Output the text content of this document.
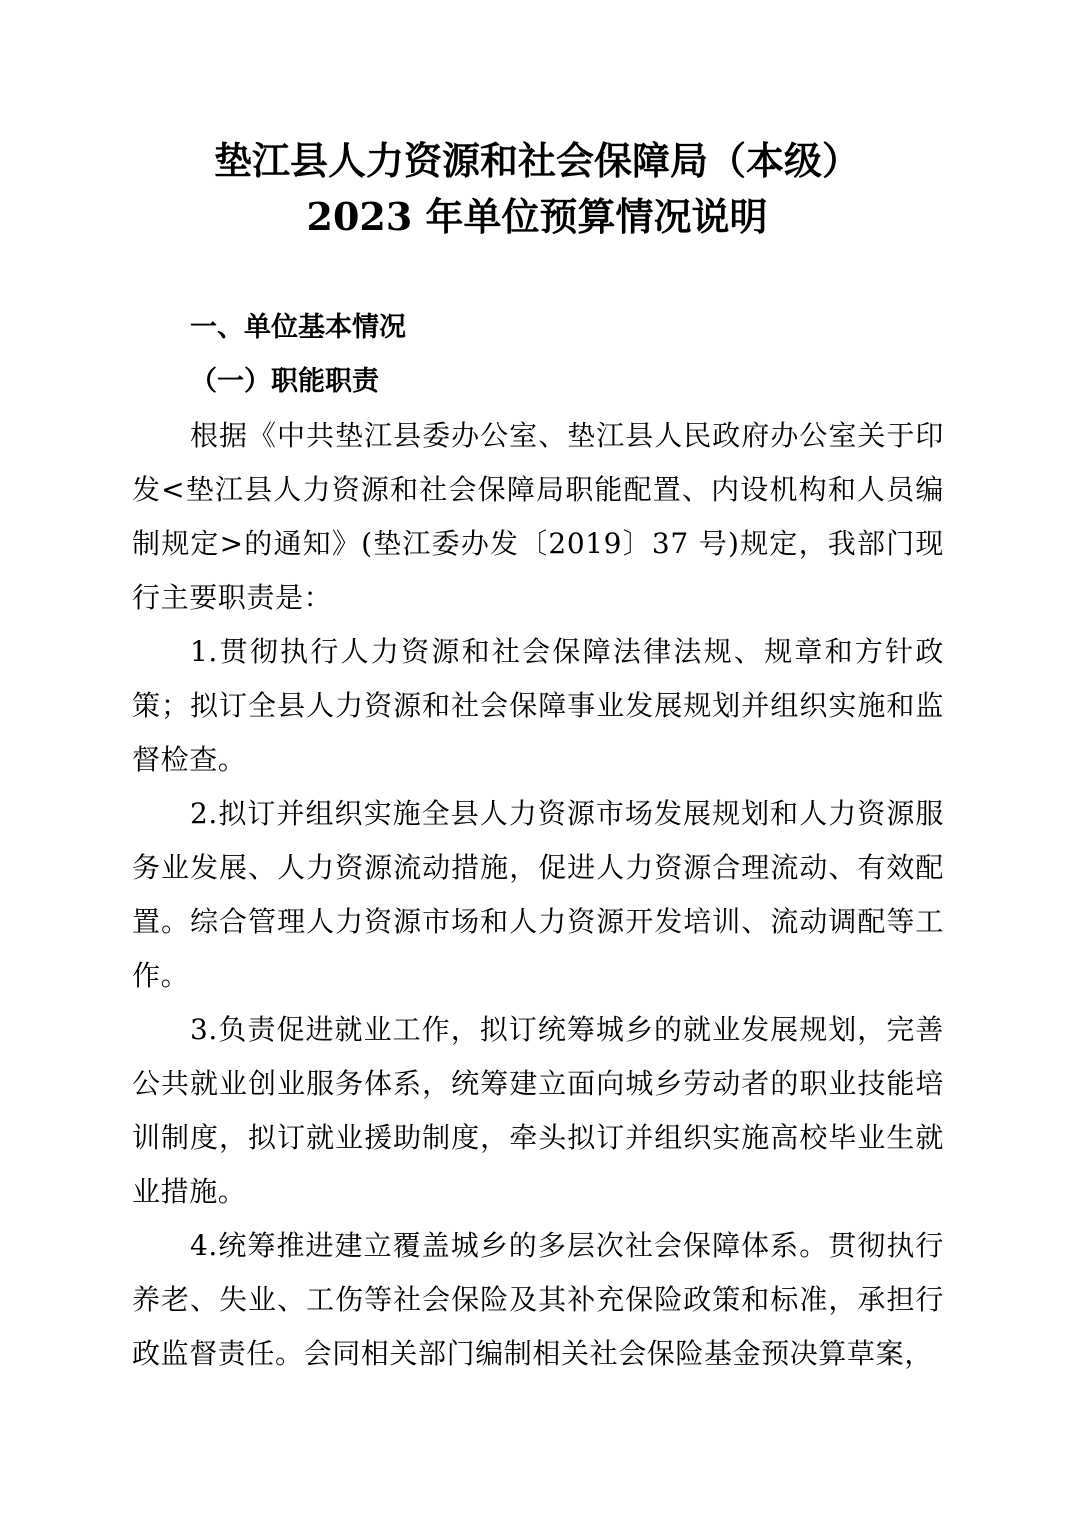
垫江县人力资源和社会保障局（本级）
2023 年单位预算情况说明
一、单位基本情况
（一）职能职责

根据《中共垫江县委办公室、垫江县人民政府办公室关于印发<垫江县人力资源和社会保障局职能配置、内设机构和人员编制规定>的通知》(垫江委办发〔2019〕37 号)规定，我部门现行主要职责是：

1.贯彻执行人力资源和社会保障法律法规、规章和方针政策；拟订全县人力资源和社会保障事业发展规划并组织实施和监督检查。

2.拟订并组织实施全县人力资源市场发展规划和人力资源服务业发展、人力资源流动措施，促进人力资源合理流动、有效配置。综合管理人力资源市场和人力资源开发培训、流动调配等工作。

3.负责促进就业工作，拟订统筹城乡的就业发展规划，完善公共就业创业服务体系，统筹建立面向城乡劳动者的职业技能培训制度，拟订就业援助制度，牵头拟订并组织实施高校毕业生就业措施。

4.统筹推进建立覆盖城乡的多层次社会保障体系。贯彻执行养老、失业、工伤等社会保险及其补充保险政策和标准，承担行政监督责任。会同相关部门编制相关社会保险基金预决算草案，
